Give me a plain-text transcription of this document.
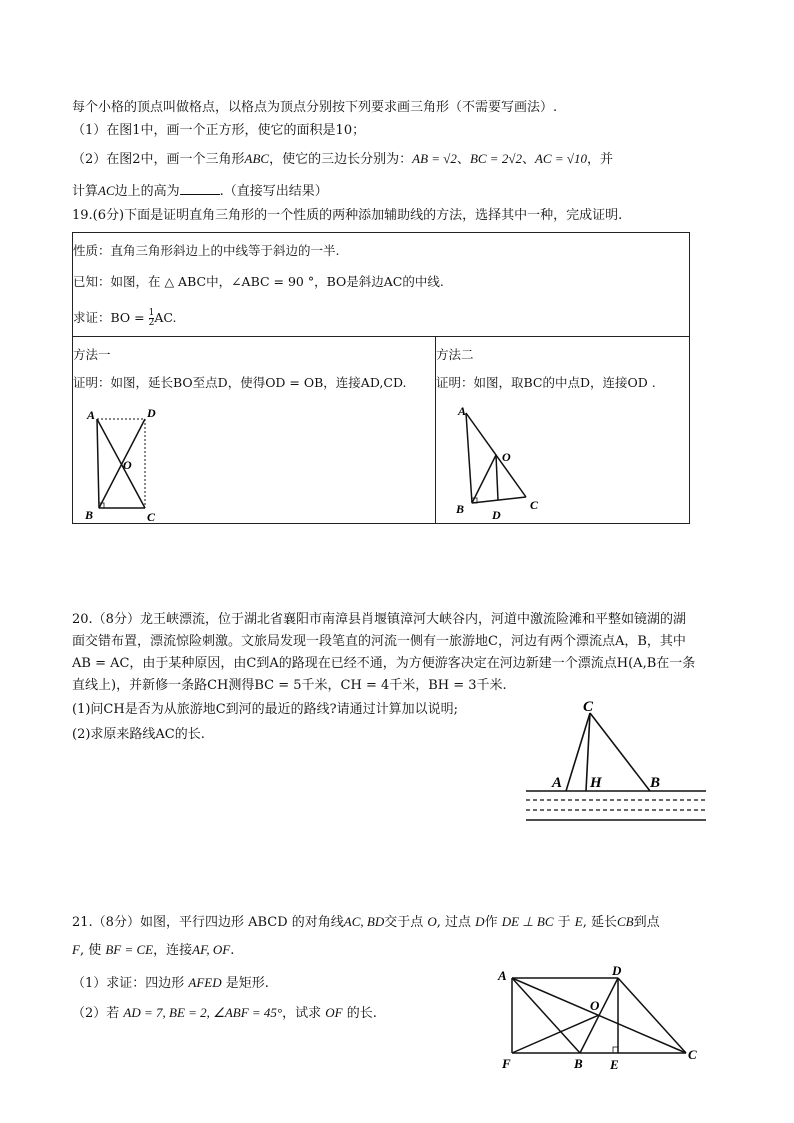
每个小格的顶点叫做格点，以格点为顶点分别按下列要求画三角形（不需要写画法）.
（1）在图1中，画一个正方形，使它的面积是10；
（2）在图2中，画一个三角形ABC，使它的三边长分别为：AB = √2、BC = 2√2、AC = √10，并
计算AC边上的高为	.（直接写出结果）
19.(6分)下面是证明直角三角形的一个性质的两种添加辅助线的方法，选择其中一种，完成证明.
性质：直角三角形斜边上的中线等于斜边的一半.
已知：如图，在 △ ABC中，∠ABC = 90 °，BO是斜边AC的中线.
求证：BO = $\frac{1}{2}$ AC.

方法一
证明：如图，延长BO至点D，使得OD = OB，连接AD,CD.
A	D
O
B	C

方法二
证明：如图，取BC的中点D，连接OD .
A
O
B D
C
20.（8分）龙王峡漂流，位于湖北省襄阳市南漳县肖堰镇漳河大峡谷内，河道中激流险滩和平整如镜湖的湖
面交错布置，漂流惊险刺激。文旅局发现一段笔直的河流一侧有一旅游地C，河边有两个漂流点A，B，其中
AB = AC，由于某种原因，由C到A的路现在已经不通，为方便游客决定在河边新建一个漂流点H(A,B在一条
直线上)，并新修一条路CH测得BC = 5千米，CH = 4千米，BH = 3千米.
(1)问CH是否为从旅游地C到河的最近的路线?请通过计算加以说明;
(2)求原来路线AC的长.
C
A H	B
21.（8分）如图，平行四边形 ABCD 的对角线AC, BD交于点 O, 过点 D作 DE ⊥ BC 于 E, 延长CB到点
F, 使 BF = CE，连接AF, OF.
（1）求证：四边形 AFED 是矩形.
（2）若 AD = 7, BE = 2, ∠ABF = 45°，试求 OF 的长.
A	D
O
F	B E
C
